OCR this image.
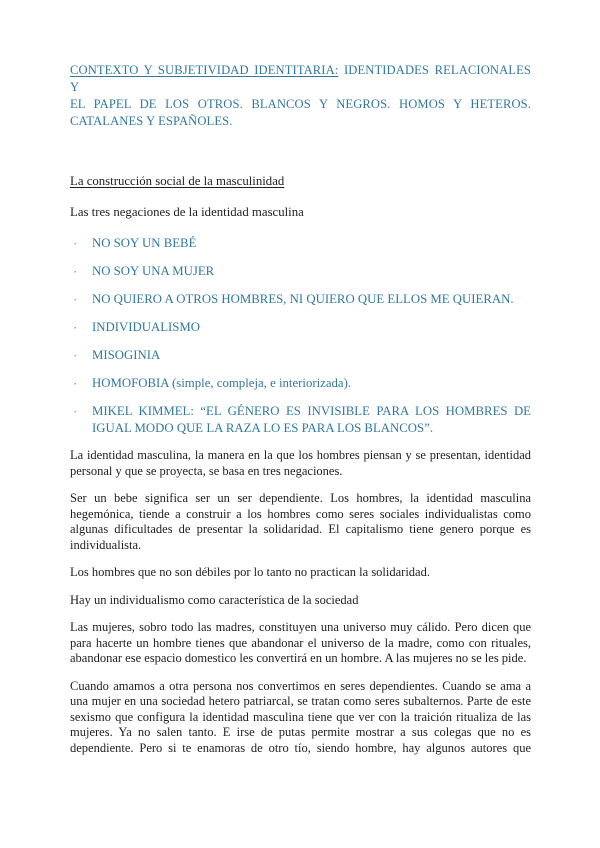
CONTEXTO Y SUBJETIVIDAD IDENTITARIA: IDENTIDADES RELACIONALES Y
EL PAPEL DE LOS OTROS. BLANCOS Y NEGROS. HOMOS Y HETEROS.
CATALANES Y ESPAÑOLES.
La construcción social de la masculinidad

Las tres negaciones de la identidad masculina

· NO SOY UN BEBÉ
· NO SOY UNA MUJER
· NO QUIERO A OTROS HOMBRES, NI QUIERO QUE ELLOS ME QUIERAN.
· INDIVIDUALISMO
· MISOGINIA
· HOMOFOBIA (simple, compleja, e interiorizada).
· MIKEL KIMMEL: “EL GÉNERO ES INVISIBLE PARA LOS HOMBRES DE IGUAL MODO QUE LA RAZA LO ES PARA LOS BLANCOS”.

La identidad masculina, la manera en la que los hombres piensan y se presentan, identidad personal y que se proyecta, se basa en tres negaciones.

Ser un bebe significa ser un ser dependiente. Los hombres, la identidad masculina hegemónica, tiende a construir a los hombres como seres sociales individualistas como algunas dificultades de presentar la solidaridad. El capitalismo tiene genero porque es individualista.

Los hombres que no son débiles por lo tanto no practican la solidaridad.

Hay un individualismo como característica de la sociedad

Las mujeres, sobro todo las madres, constituyen una universo muy cálido. Pero dicen que para hacerte un hombre tienes que abandonar el universo de la madre, como con rituales, abandonar ese espacio domestico les convertirá en un hombre. A las mujeres no se les pide.

Cuando amamos a otra persona nos convertimos en seres dependientes. Cuando se ama a una mujer en una sociedad hetero patriarcal, se tratan como seres subalternos. Parte de este sexismo que configura la identidad masculina tiene que ver con la traición ritualiza de las mujeres. Ya no salen tanto. E irse de putas permite mostrar a sus colegas que no es dependiente. Pero si te enamoras de otro tío, siendo hombre, hay algunos autores que
